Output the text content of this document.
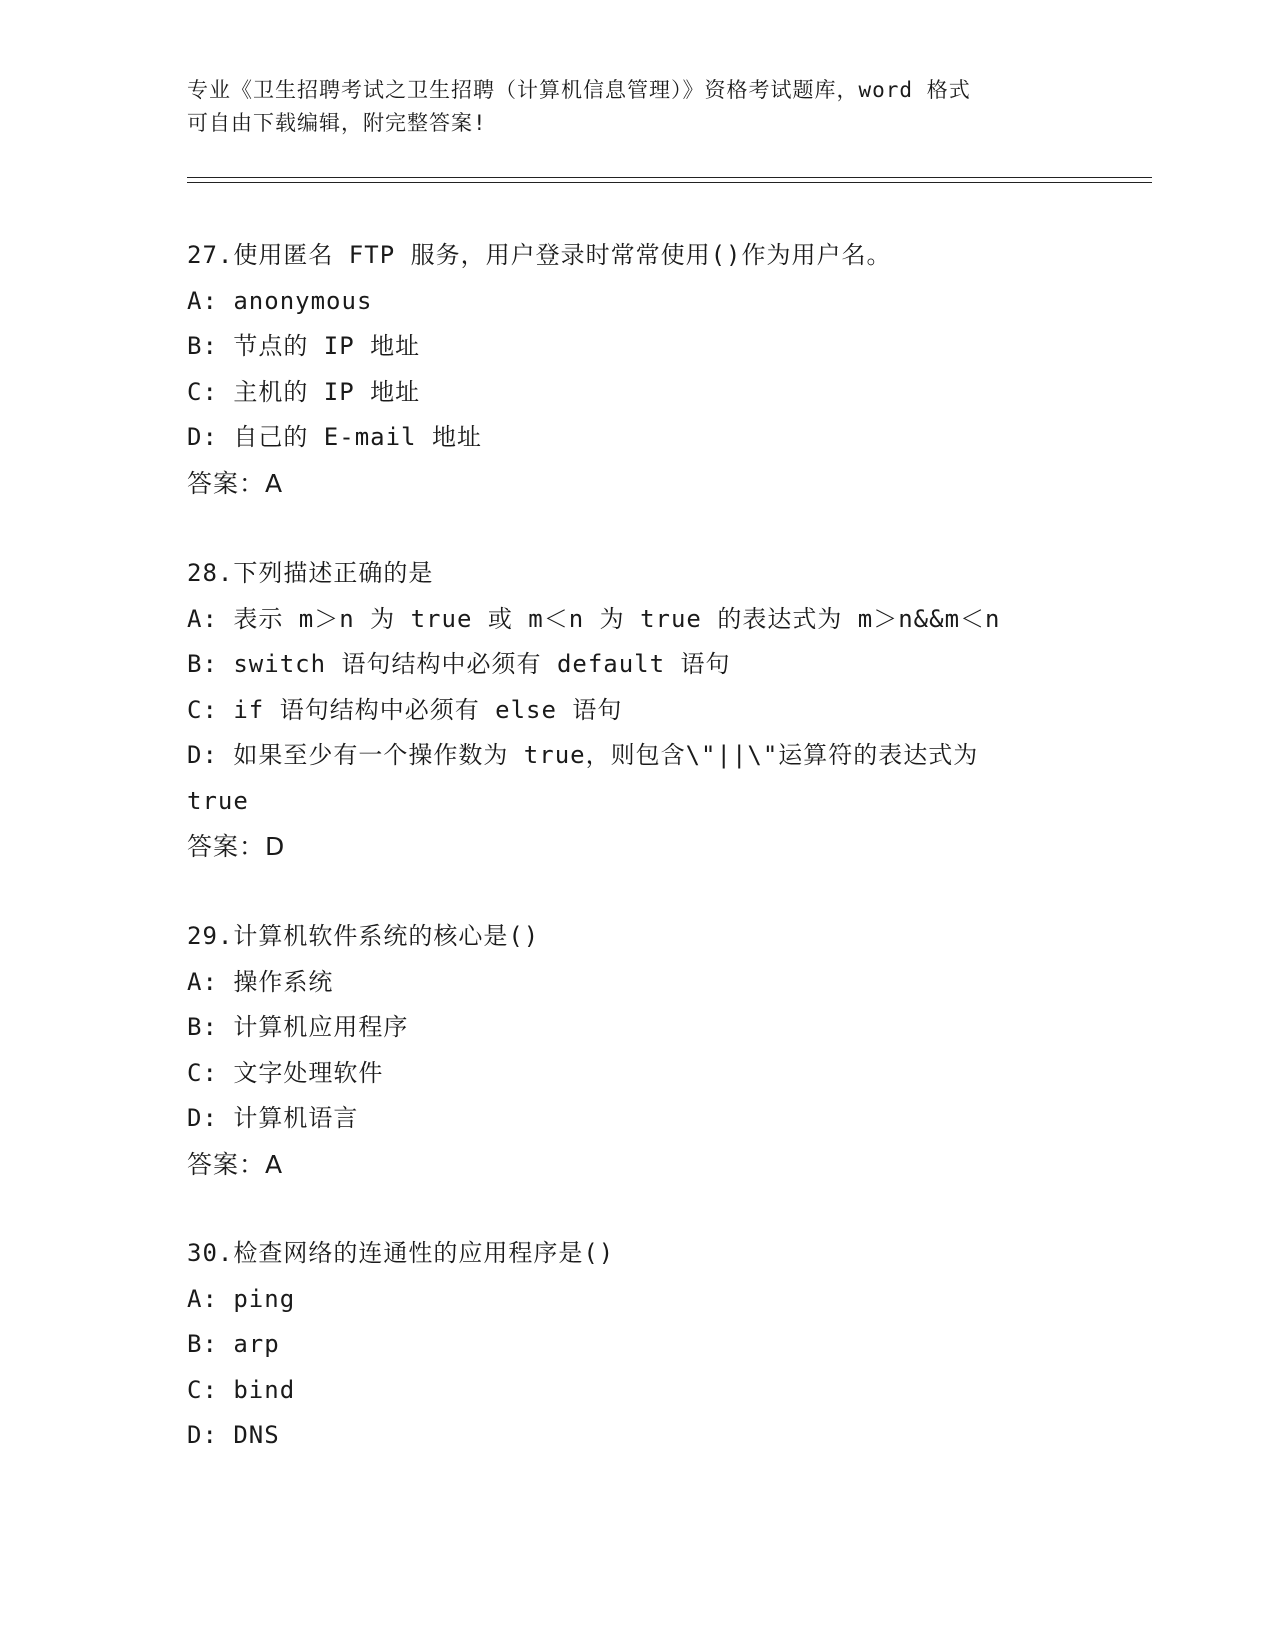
专业《卫生招聘考试之卫生招聘（计算机信息管理）》资格考试题库，word 格式
可自由下载编辑，附完整答案!
27.使用匿名 FTP 服务，用户登录时常常使用()作为用户名。
A: anonymous
B: 节点的 IP 地址
C: 主机的 IP 地址
D: 自己的 E-mail 地址
答案：A
28.下列描述正确的是
A: 表示 m＞n 为 true 或 m＜n 为 true 的表达式为 m＞n&&m＜n
B: switch 语句结构中必须有 default 语句
C: if 语句结构中必须有 else 语句
D: 如果至少有一个操作数为 true，则包含\"||\"运算符的表达式为
true
答案：D
29.计算机软件系统的核心是()
A: 操作系统
B: 计算机应用程序
C: 文字处理软件
D: 计算机语言
答案：A
30.检查网络的连通性的应用程序是()
A: ping
B: arp
C: bind
D: DNS
